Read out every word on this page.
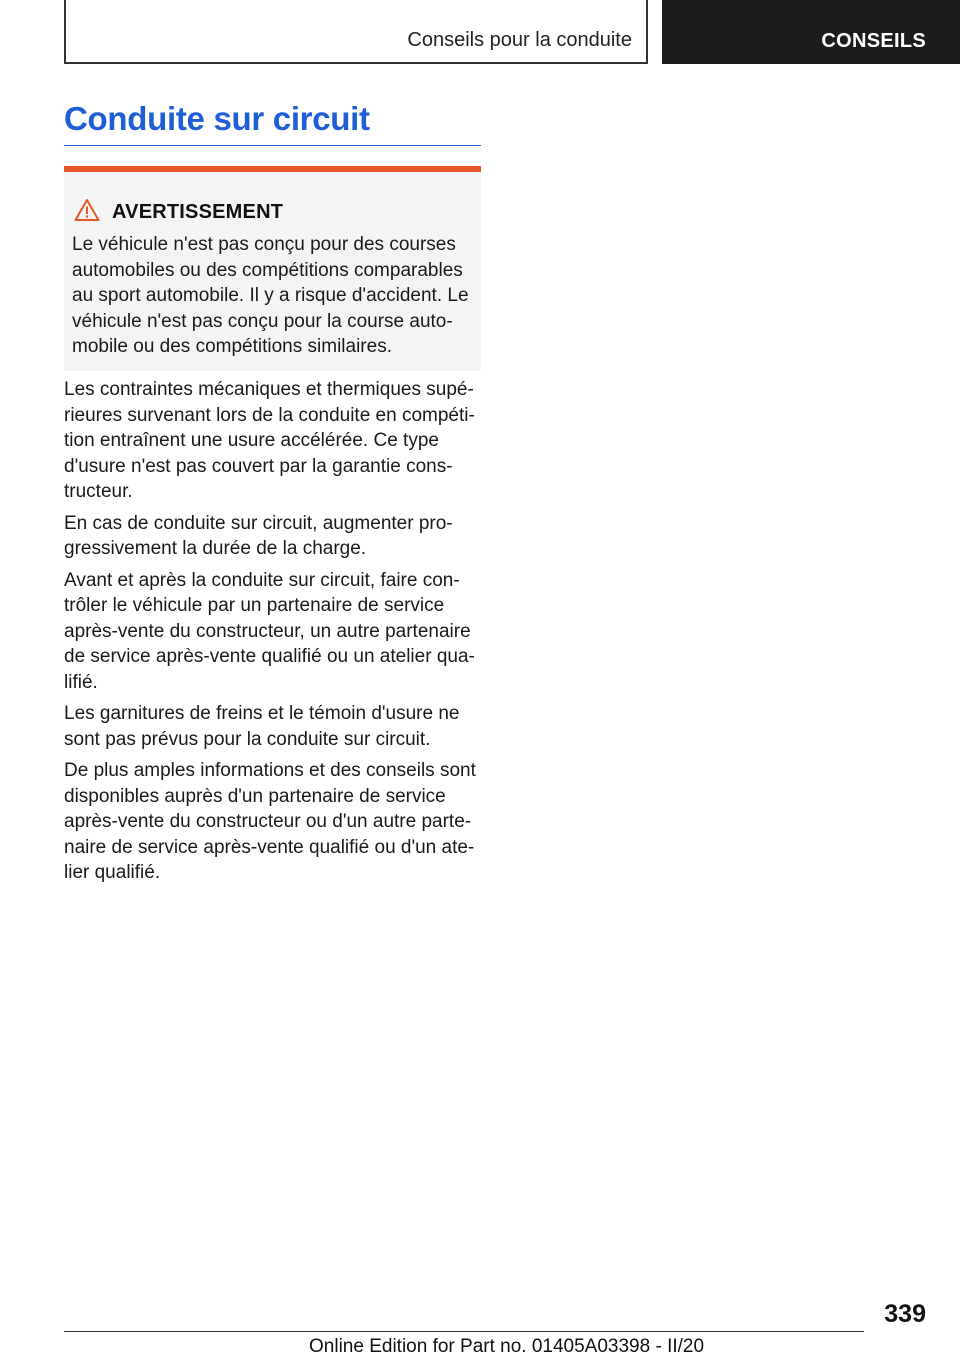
Conseils pour la conduite	CONSEILS
Conduite sur circuit
AVERTISSEMENT
Le véhicule n'est pas conçu pour des courses
automobiles ou des compétitions comparables
au sport automobile. Il y a risque d'accident. Le
véhicule n'est pas conçu pour la course auto-
mobile ou des compétitions similaires.

Les contraintes mécaniques et thermiques supé-
rieures survenant lors de la conduite en compéti-
tion entraînent une usure accélérée. Ce type
d'usure n'est pas couvert par la garantie cons-
tructeur.

En cas de conduite sur circuit, augmenter pro-
gressivement la durée de la charge.

Avant et après la conduite sur circuit, faire con-
trôler le véhicule par un partenaire de service
après-vente du constructeur, un autre partenaire
de service après-vente qualifié ou un atelier qua-
lifié.

Les garnitures de freins et le témoin d'usure ne
sont pas prévus pour la conduite sur circuit.

De plus amples informations et des conseils sont
disponibles auprès d'un partenaire de service
après-vente du constructeur ou d'un autre parte-
naire de service après-vente qualifié ou d'un ate-
lier qualifié.

339
Online Edition for Part no. 01405A03398 - II/20
